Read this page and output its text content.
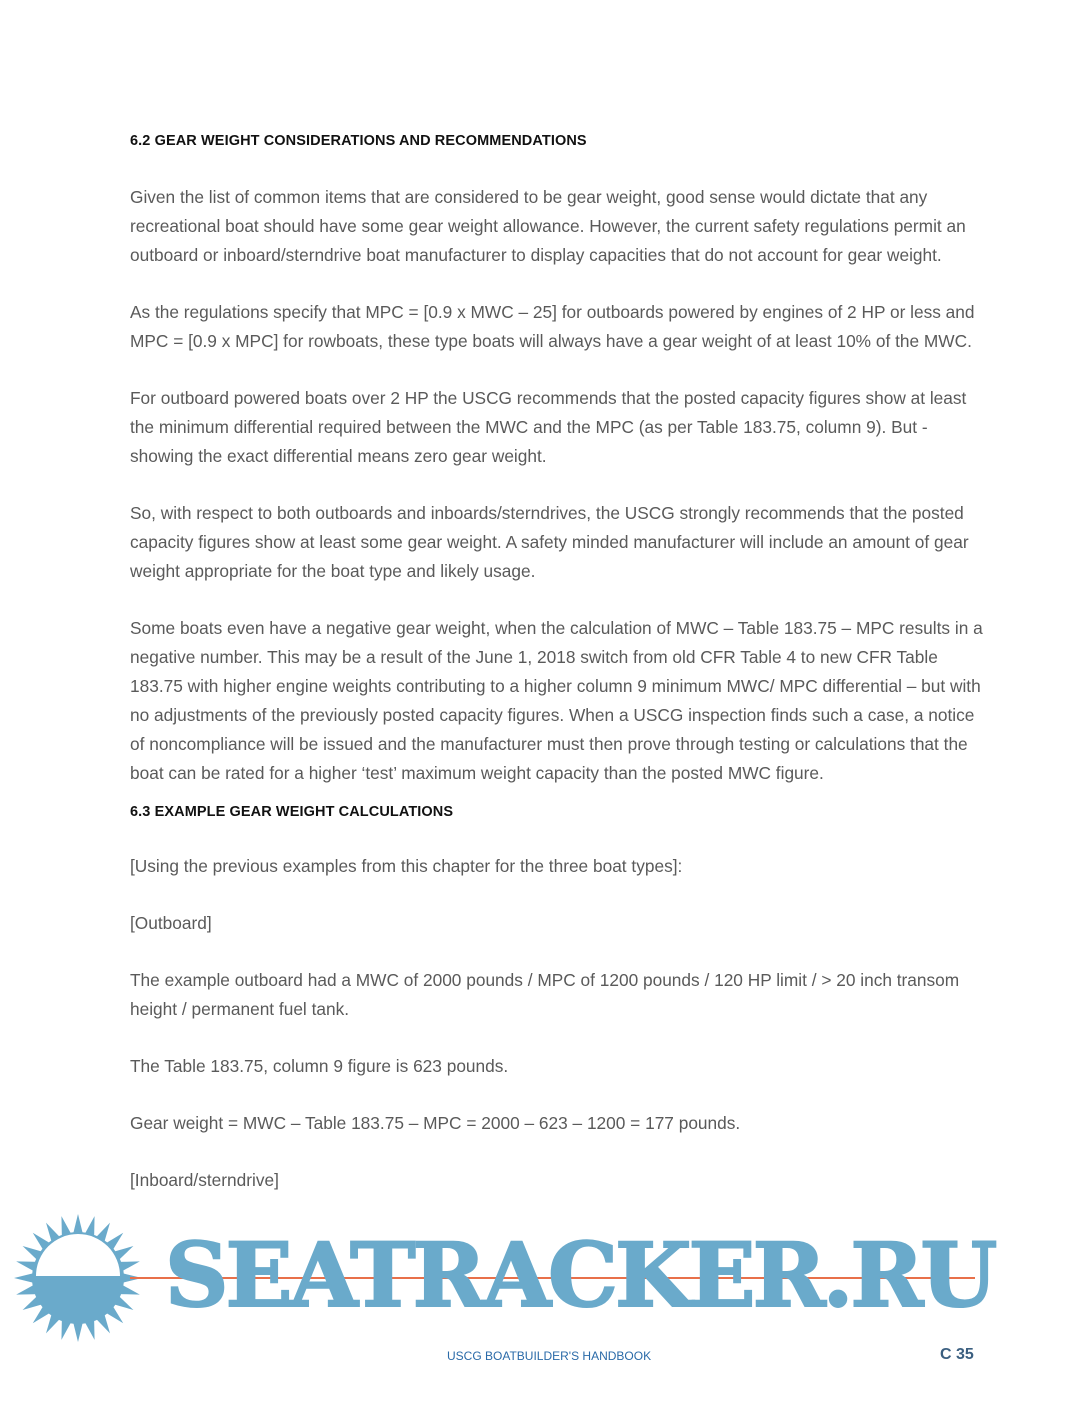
6.2 GEAR WEIGHT CONSIDERATIONS AND RECOMMENDATIONS

Given the list of common items that are considered to be gear weight, good sense would dictate that any recreational boat should have some gear weight allowance. However, the current safety regulations permit an outboard or inboard/sterndrive boat manufacturer to display capacities that do not account for gear weight.

As the regulations specify that MPC = [0.9 x MWC – 25] for outboards powered by engines of 2 HP or less and MPC = [0.9 x MPC] for rowboats, these type boats will always have a gear weight of at least 10% of the MWC.

For outboard powered boats over 2 HP the USCG recommends that the posted capacity figures show at least the minimum differential required between the MWC and the MPC (as per Table 183.75, column 9). But - showing the exact differential means zero gear weight.

So, with respect to both outboards and inboards/sterndrives, the USCG strongly recommends that the posted capacity figures show at least some gear weight. A safety minded manufacturer will include an amount of gear weight appropriate for the boat type and likely usage.

Some boats even have a negative gear weight, when the calculation of MWC – Table 183.75 – MPC results in a negative number. This may be a result of the June 1, 2018 switch from old CFR Table 4 to new CFR Table 183.75 with higher engine weights contributing to a higher column 9 minimum MWC/ MPC differential – but with no adjustments of the previously posted capacity figures. When a USCG inspection finds such a case, a notice of noncompliance will be issued and the manufacturer must then prove through testing or calculations that the boat can be rated for a higher ‘test’ maximum weight capacity than the posted MWC figure.

6.3 EXAMPLE GEAR WEIGHT CALCULATIONS

[Using the previous examples from this chapter for the three boat types]:

[Outboard]

The example outboard had a MWC of 2000 pounds / MPC of 1200 pounds / 120 HP limit / > 20 inch transom height / permanent fuel tank.

The Table 183.75, column 9 figure is 623 pounds.

Gear weight = MWC – Table 183.75 – MPC = 2000 – 623 – 1200 = 177 pounds.

[Inboard/sterndrive]

SEATRACKER.RU
USCG BOATBUILDER'S HANDBOOK	C 35
